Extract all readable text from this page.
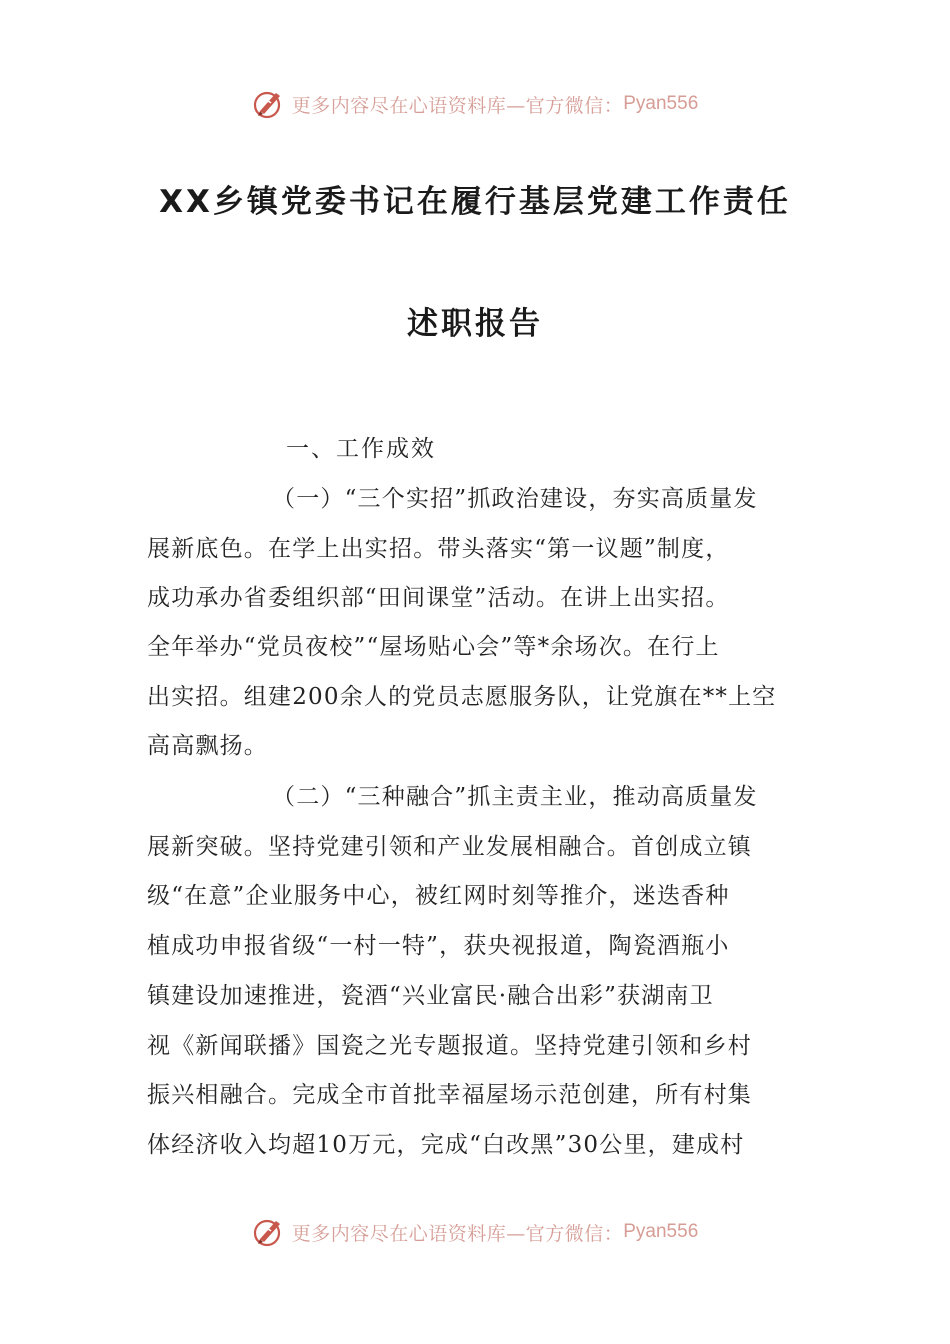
更多内容尽在心语资料库—官方微信： Pyan556
XX乡镇党委书记在履行基层党建工作责任
述职报告
一、工作成效
（一）“三个实招”抓政治建设，夯实高质量发
展新底色。在学上出实招。带头落实“第一议题”制度，
成功承办省委组织部“田间课堂”活动。在讲上出实招。
全年举办“党员夜校”“屋场贴心会”等*余场次。在行上
出实招。组建200余人的党员志愿服务队，让党旗在**上空
高高飘扬。
（二）“三种融合”抓主责主业，推动高质量发
展新突破。坚持党建引领和产业发展相融合。首创成立镇
级“在意”企业服务中心，被红网时刻等推介，迷迭香种
植成功申报省级“一村一特”，获央视报道，陶瓷酒瓶小
镇建设加速推进，瓷酒“兴业富民·融合出彩”获湖南卫
视《新闻联播》国瓷之光专题报道。坚持党建引领和乡村
振兴相融合。完成全市首批幸福屋场示范创建，所有村集
体经济收入均超10万元，完成“白改黑”30公里，建成村
更多内容尽在心语资料库—官方微信： Pyan556
